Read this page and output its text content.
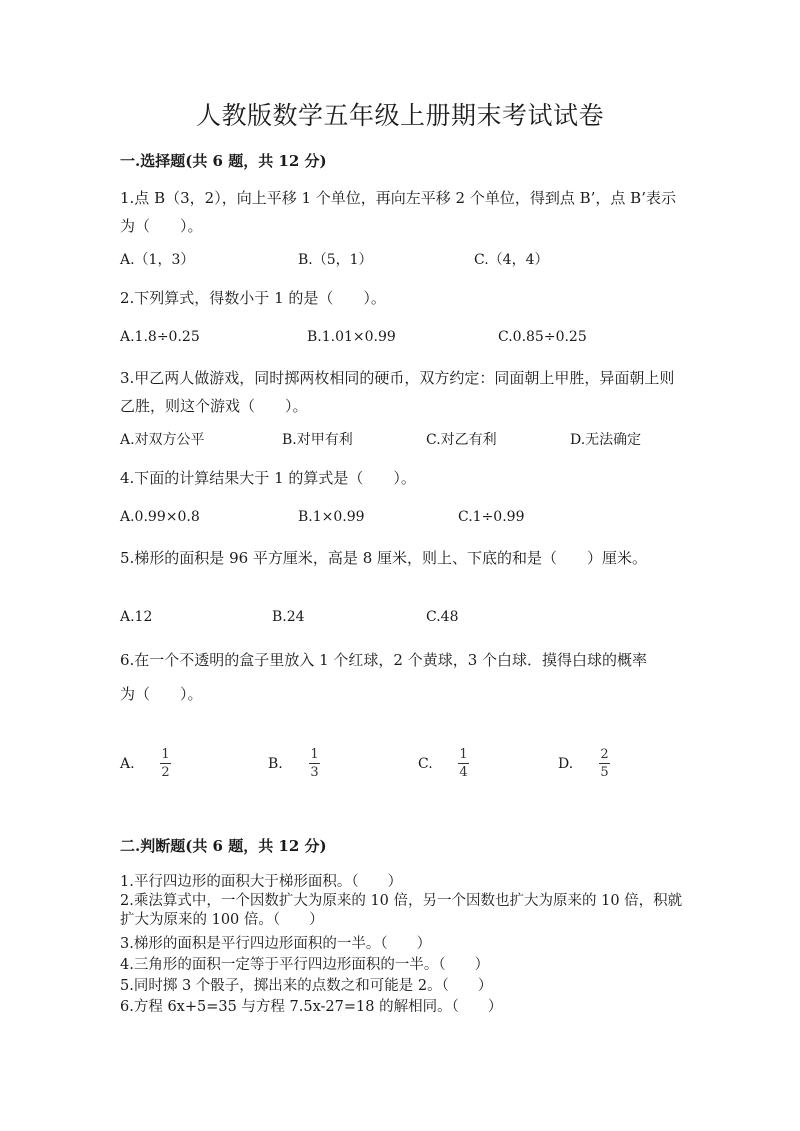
人教版数学五年级上册期末考试试卷
一.选择题(共 6 题，共 12 分)
1.点 B（3，2），向上平移 1 个单位，再向左平移 2 个单位，得到点 B’，点 B’表示为（　　）。
A.（1，3）	B.（5，1）	C.（4，4）
2.下列算式，得数小于 1 的是（　　）。
A.1.8÷0.25	B.1.01×0.99	C.0.85÷0.25
3.甲乙两人做游戏，同时掷两枚相同的硬币，双方约定：同面朝上甲胜，异面朝上则乙胜，则这个游戏（　　）。
A.对双方公平	B.对甲有利	C.对乙有利	D.无法确定
4.下面的计算结果大于 1 的算式是（　　）。
A.0.99×0.8	B.1×0.99	C.1÷0.99
5.梯形的面积是 96 平方厘米，高是 8 厘米，则上、下底的和是（　　）厘米。
A.12	B.24	C.48
6.在一个不透明的盒子里放入 1 个红球，2 个黄球，3 个白球．摸得白球的概率
为（　　）。
A.
1
2
B.
1
3
C.
1
4
D.
2
5
二.判断题(共 6 题，共 12 分)
1.平行四边形的面积大于梯形面积。（　　）
2.乘法算式中，一个因数扩大为原来的 10 倍，另一个因数也扩大为原来的 10 倍，积就扩大为原来的 100 倍。（　　）
3.梯形的面积是平行四边形面积的一半。（　　）
4.三角形的面积一定等于平行四边形面积的一半。（　　）
5.同时掷 3 个骰子，掷出来的点数之和可能是 2。（　　）
6.方程 6x+5=35 与方程 7.5x-27=18 的解相同。（　　）
